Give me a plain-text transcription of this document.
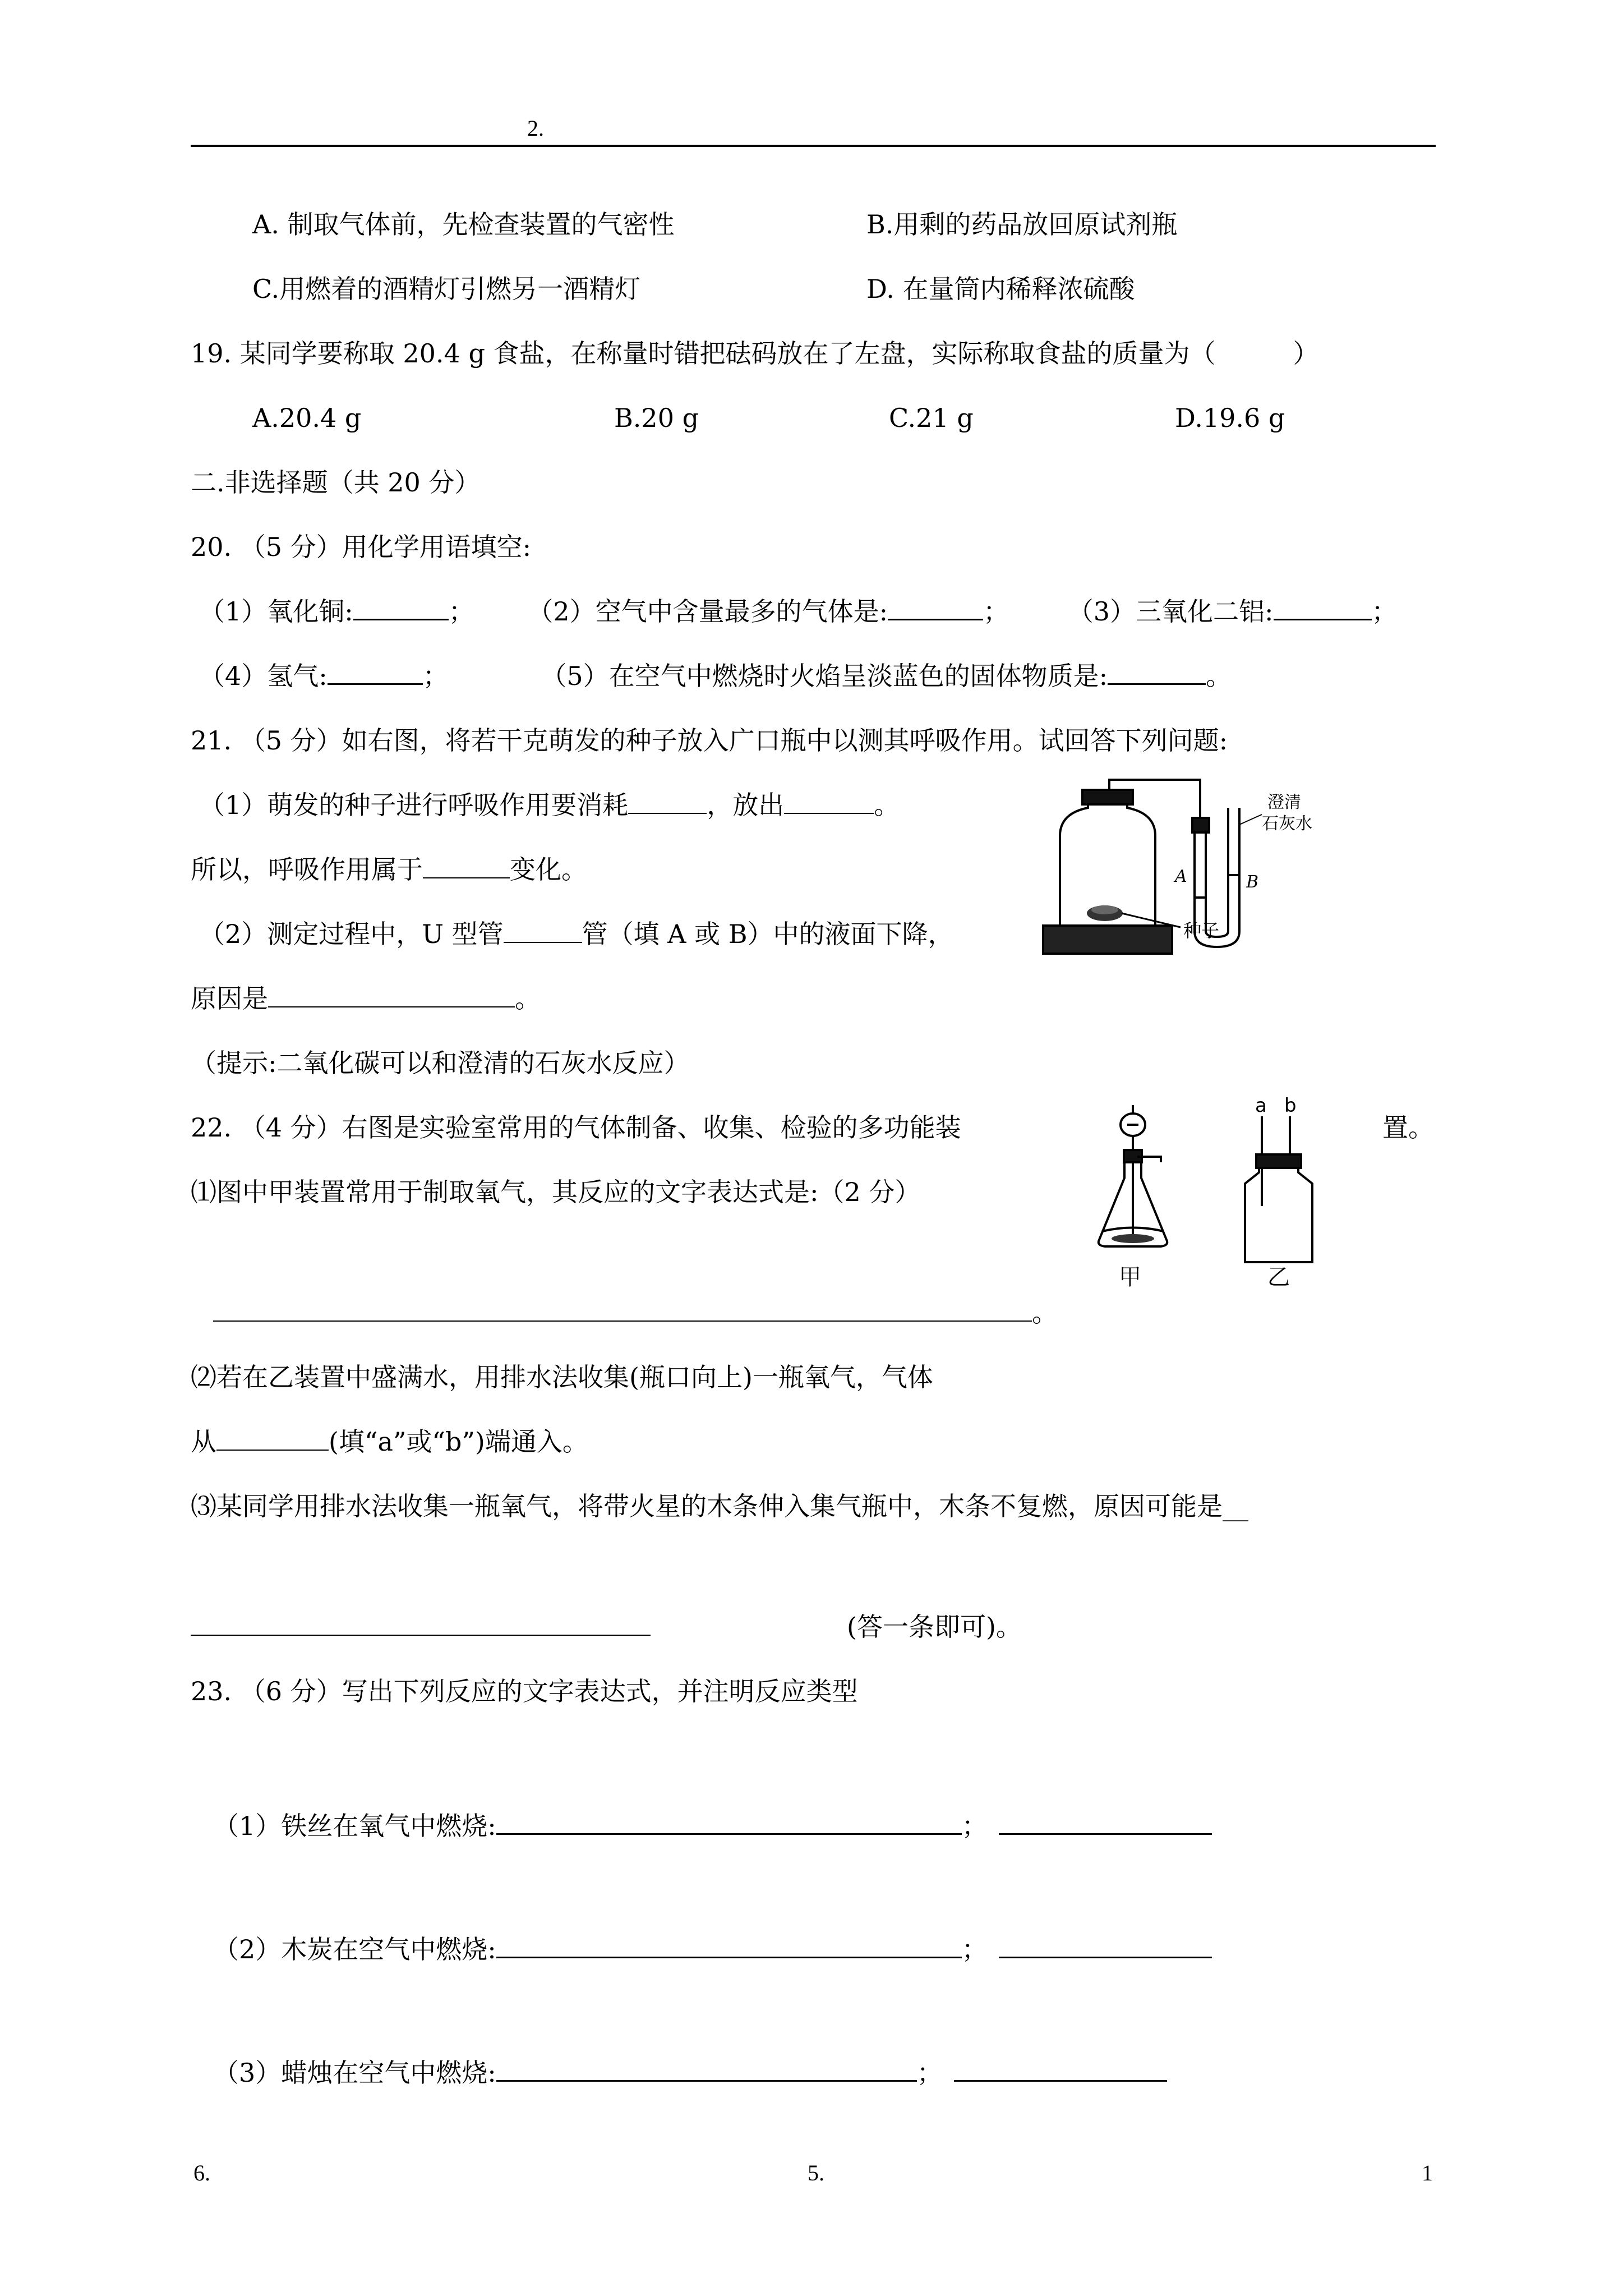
2.
A. 制取气体前，先检查装置的气密性	B.用剩的药品放回原试剂瓶
C.用燃着的酒精灯引燃另一酒精灯	D. 在量筒内稀释浓硫酸
19. 某同学要称取 20.4 g 食盐，在称量时错把砝码放在了左盘，实际称取食盐的质量为（　　　）
A.20.4 g	B.20 g	C.21 g	D.19.6 g
二.非选择题（共 20 分）
20. （5 分）用化学用语填空:
（1）氧化铜:	； （2）空气中含量最多的气体是:	； （3）三氧化二铝:	；
（4）氢气:	；	（5）在空气中燃烧时火焰呈淡蓝色的固体物质是:	。
21. （5 分）如右图，将若干克萌发的种子放入广口瓶中以测其呼吸作用。试回答下列问题:
（1）萌发的种子进行呼吸作用要消耗	，放出	。
所以，呼吸作用属于	变化。
（2）测定过程中，U 型管	管（填 A 或 B）中的液面下降，
原因是	。
（提示:二氧化碳可以和澄清的石灰水反应）
种子
A	B
澄清
石灰水
22. （4 分）右图是实验室常用的气体制备、收集、检验的多功能装	置。
⑴图中甲装置常用于制取氧气，其反应的文字表达式是:（2 分）
。
⑵若在乙装置中盛满水，用排水法收集(瓶口向上)一瓶氧气，气体
从	(填“a”或“b”)端通入。
⑶某同学用排水法收集一瓶氧气，将带火星的木条伸入集气瓶中，木条不复燃，原因可能是__
(答一条即可)。
甲	乙
a b
23. （6 分）写出下列反应的文字表达式，并注明反应类型
（1）铁丝在氧气中燃烧:	；
（2）木炭在空气中燃烧:	；
（3）蜡烛在空气中燃烧:	；
6.	5.	1
